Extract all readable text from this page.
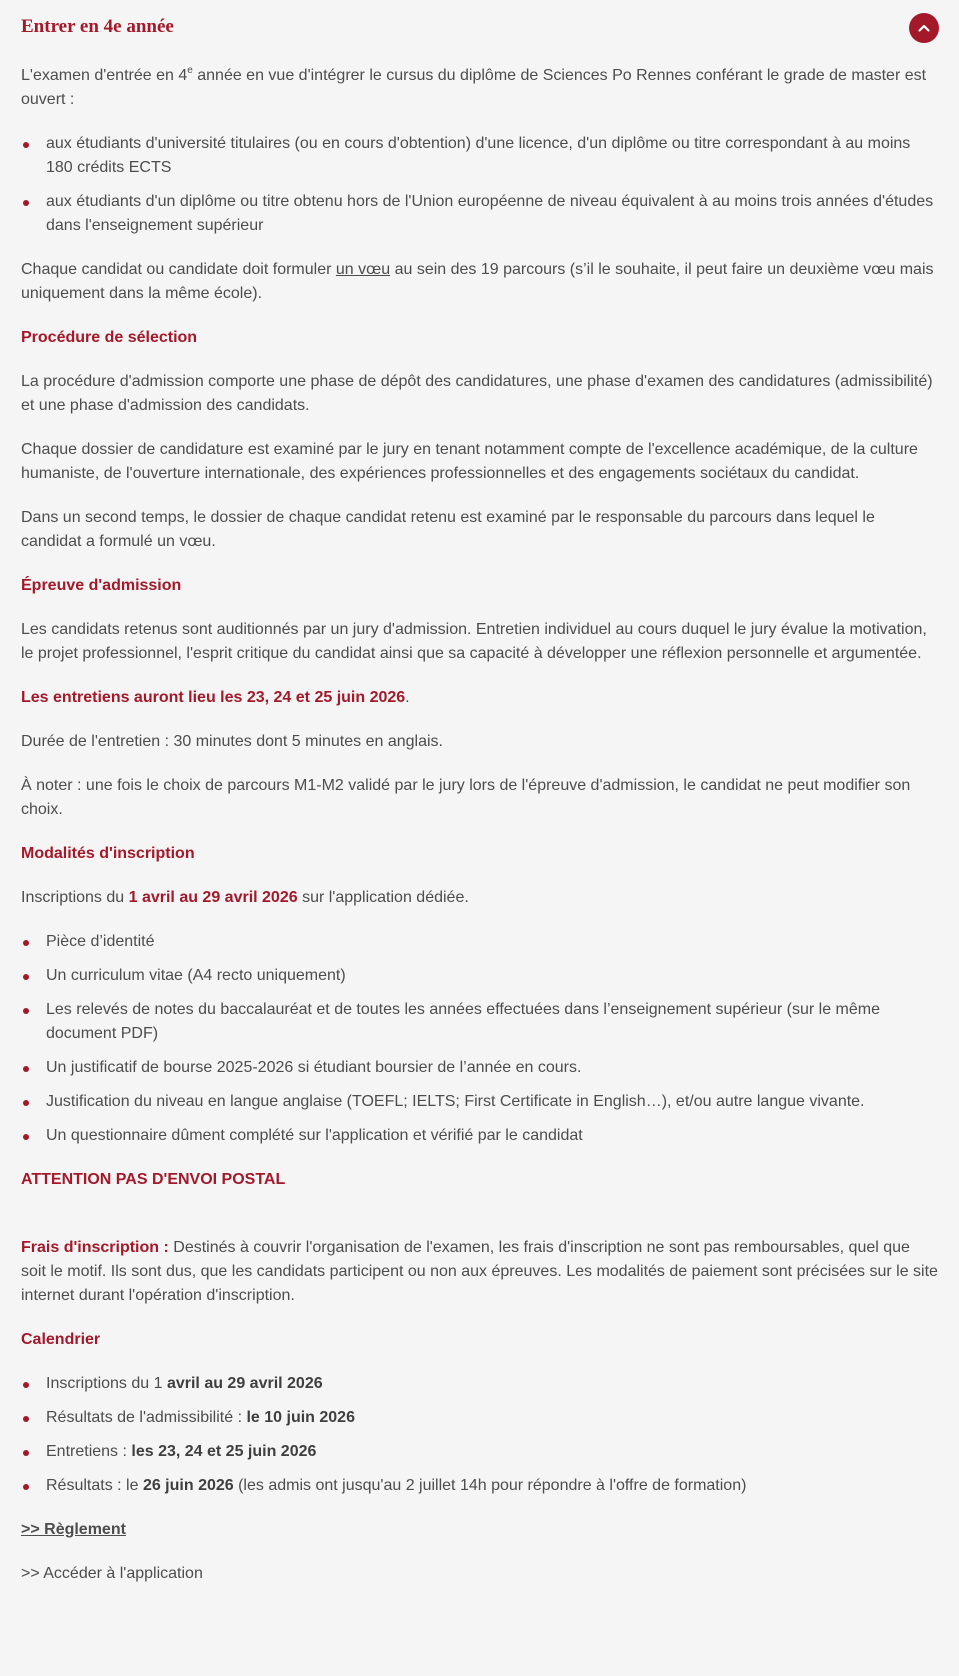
Entrer en 4e année

L'examen d'entrée en 4e année en vue d'intégrer le cursus du diplôme de Sciences Po Rennes conférant le grade de master est ouvert :

aux étudiants d'université titulaires (ou en cours d'obtention) d'une licence, d'un diplôme ou titre correspondant à au moins 180 crédits ECTS
aux étudiants d'un diplôme ou titre obtenu hors de l'Union européenne de niveau équivalent à au moins trois années d'études dans l'enseignement supérieur

Chaque candidat ou candidate doit formuler un vœu au sein des 19 parcours (s’il le souhaite, il peut faire un deuxième vœu mais uniquement dans la même école).

Procédure de sélection

La procédure d'admission comporte une phase de dépôt des candidatures, une phase d'examen des candidatures (admissibilité) et une phase d'admission des candidats.

Chaque dossier de candidature est examiné par le jury en tenant notamment compte de l'excellence académique, de la culture humaniste, de l'ouverture internationale, des expériences professionnelles et des engagements sociétaux du candidat.

Dans un second temps, le dossier de chaque candidat retenu est examiné par le responsable du parcours dans lequel le candidat a formulé un vœu.

Épreuve d'admission

Les candidats retenus sont auditionnés par un jury d'admission. Entretien individuel au cours duquel le jury évalue la motivation, le projet professionnel, l'esprit critique du candidat ainsi que sa capacité à développer une réflexion personnelle et argumentée.

Les entretiens auront lieu les 23, 24 et 25 juin 2026.

Durée de l'entretien : 30 minutes dont 5 minutes en anglais.

À noter : une fois le choix de parcours M1-M2 validé par le jury lors de l'épreuve d'admission, le candidat ne peut modifier son choix.

Modalités d'inscription

Inscriptions du 1 avril au 29 avril 2026 sur l'application dédiée.

Pièce d’identité
Un curriculum vitae (A4 recto uniquement)
Les relevés de notes du baccalauréat et de toutes les années effectuées dans l’enseignement supérieur (sur le même document PDF)
Un justificatif de bourse 2025-2026 si étudiant boursier de l’année en cours.
Justification du niveau en langue anglaise (TOEFL; IELTS; First Certificate in English…), et/ou autre langue vivante.
Un questionnaire dûment complété sur l'application et vérifié par le candidat
ATTENTION PAS D'ENVOI POSTAL

Frais d'inscription : Destinés à couvrir l'organisation de l'examen, les frais d'inscription ne sont pas remboursables, quel que soit le motif. Ils sont dus, que les candidats participent ou non aux épreuves. Les modalités de paiement sont précisées sur le site internet durant l'opération d'inscription.

Calendrier
Inscriptions du 1 avril au 29 avril 2026
Résultats de l'admissibilité : le 10 juin 2026
Entretiens : les 23, 24 et 25 juin 2026
Résultats : le 26 juin 2026 (les admis ont jusqu'au 2 juillet 14h pour répondre à l'offre de formation)

>> Règlement

>> Accéder à l'application
